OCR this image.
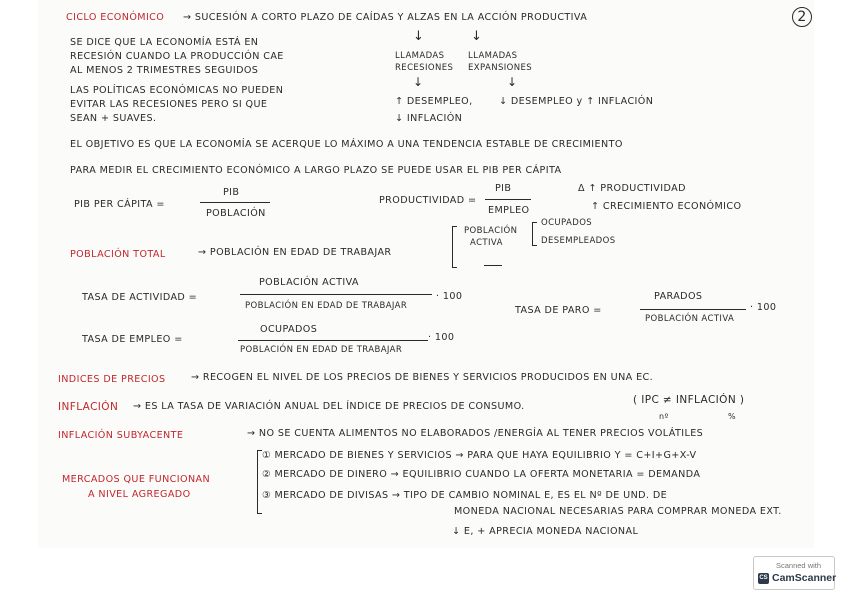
2
CICLO ECONÓMICO → SUCESIÓN A CORTO PLAZO DE CAÍDAS Y ALZAS EN LA ACCIÓN PRODUCTIVA
SE DICE QUE LA ECONOMÍA ESTÁ EN
RECESIÓN CUANDO LA PRODUCCIÓN CAE
AL MENOS 2 TRIMESTRES SEGUIDOS
↓	↓
LLAMADAS
RECESIONES
LLAMADAS
EXPANSIONES
↓	↓
LAS POLÍTICAS ECONÓMICAS NO PUEDEN
EVITAR LAS RECESIONES PERO SI QUE
SEAN + SUAVES.
↑ DESEMPLEO,
↓ INFLACIÓN
↓ DESEMPLEO y ↑ INFLACIÓN
EL OBJETIVO ES QUE LA ECONOMÍA SE ACERQUE LO MÁXIMO A UNA TENDENCIA ESTABLE DE CRECIMIENTO
PARA MEDIR EL CRECIMIENTO ECONÓMICO A LARGO PLAZO SE PUEDE USAR EL PIB PER CÁPITA
PIB PER CÁPITA =
PIB
POBLACIÓN
PRODUCTIVIDAD =
PIB
EMPLEO
Δ ↑ PRODUCTIVIDAD
↑ CRECIMIENTO ECONÓMICO
POBLACIÓN TOTAL	→ POBLACIÓN EN EDAD DE TRABAJAR
POBLACIÓN
ACTIVA
OCUPADOS
DESEMPLEADOS
TASA DE ACTIVIDAD =
POBLACIÓN ACTIVA
POBLACIÓN EN EDAD DE TRABAJAR
· 100
TASA DE PARO =
PARADOS
POBLACIÓN ACTIVA
· 100
TASA DE EMPLEO =
OCUPADOS
POBLACIÓN EN EDAD DE TRABAJAR
· 100
INDICES DE PRECIOS	→ RECOGEN EL NIVEL DE LOS PRECIOS DE BIENES Y SERVICIOS PRODUCIDOS EN UNA EC.
INFLACIÓN → ES LA TASA DE VARIACIÓN ANUAL DEL ÍNDICE DE PRECIOS DE CONSUMO.
( IPC ≠ INFLACIÓN )
nº	%
INFLACIÓN SUBYACENTE	→ NO SE CUENTA ALIMENTOS NO ELABORADOS /ENERGÍA AL TENER PRECIOS VOLÁTILES
MERCADOS QUE FUNCIONAN
A NIVEL AGREGADO
① MERCADO DE BIENES Y SERVICIOS → PARA QUE HAYA EQUILIBRIO Y = C+I+G+X-V
② MERCADO DE DINERO → EQUILIBRIO CUANDO LA OFERTA MONETARIA = DEMANDA
③ MERCADO DE DIVISAS → TIPO DE CAMBIO NOMINAL E, ES EL Nº DE UND. DE
MONEDA NACIONAL NECESARIAS PARA COMPRAR MONEDA EXT.
↓ E, + APRECIA MONEDA NACIONAL
Scanned with
CS CamScanner
